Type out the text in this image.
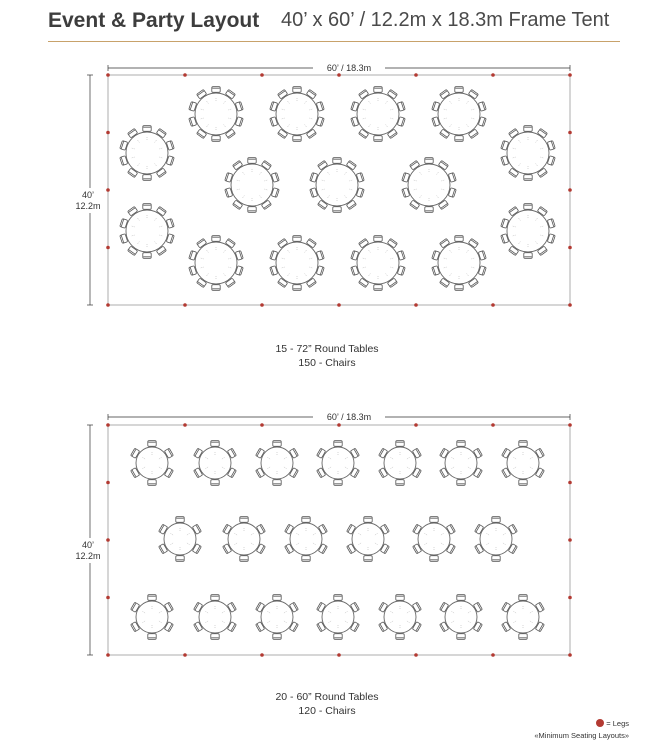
Event & Party Layout 40’ x 60’ / 12.2m x 18.3m Frame Tent
60’ / 18.3m
40’
12.2m
60’ / 18.3m
40’
12.2m
15 - 72” Round Tables
150 - Chairs
20 - 60” Round Tables
120 - Chairs
= Legs
«Minimum Seating Layouts»
